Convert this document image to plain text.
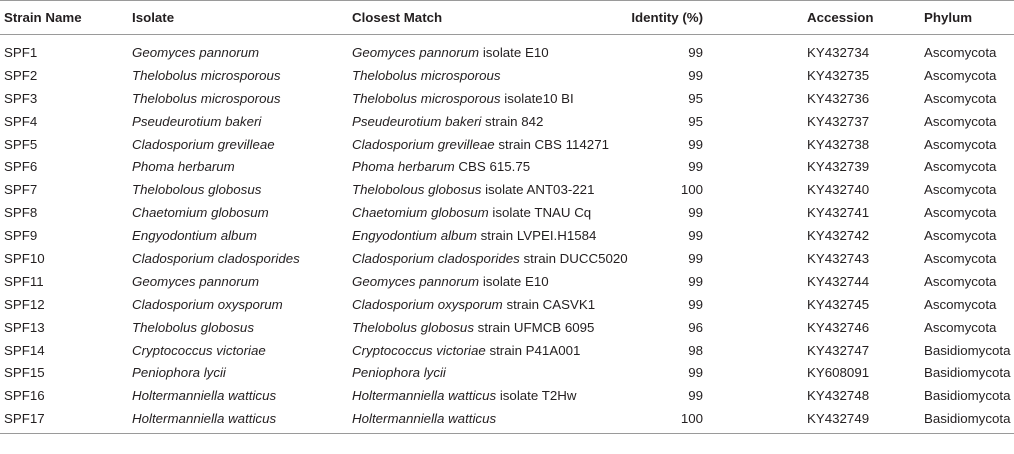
Strain Name	Isolate	Closest Match	Identity (%)	Accession	Phylum
SPF1	Geomyces pannorum	Geomyces pannorum isolate E10	99	KY432734	Ascomycota
SPF2	Thelobolus microsporous	Thelobolus microsporous	99	KY432735	Ascomycota
SPF3	Thelobolus microsporous	Thelobolus microsporous isolate10 BI	95	KY432736	Ascomycota
SPF4	Pseudeurotium bakeri	Pseudeurotium bakeri strain 842	95	KY432737	Ascomycota
SPF5	Cladosporium grevilleae	Cladosporium grevilleae strain CBS 114271	99	KY432738	Ascomycota
SPF6	Phoma herbarum	Phoma herbarum CBS 615.75	99	KY432739	Ascomycota
SPF7	Thelobolous globosus	Thelobolous globosus isolate ANT03-221	100	KY432740	Ascomycota
SPF8	Chaetomium globosum	Chaetomium globosum isolate TNAU Cq	99	KY432741	Ascomycota
SPF9	Engyodontium album	Engyodontium album strain LVPEI.H1584	99	KY432742	Ascomycota
SPF10	Cladosporium cladosporides	Cladosporium cladosporides strain DUCC5020	99	KY432743	Ascomycota
SPF11	Geomyces pannorum	Geomyces pannorum isolate E10	99	KY432744	Ascomycota
SPF12	Cladosporium oxysporum	Cladosporium oxysporum strain CASVK1	99	KY432745	Ascomycota
SPF13	Thelobolus globosus	Thelobolus globosus strain UFMCB 6095	96	KY432746	Ascomycota
SPF14	Cryptococcus victoriae	Cryptococcus victoriae strain P41A001	98	KY432747	Basidiomycota
SPF15	Peniophora lycii	Peniophora lycii	99	KY608091	Basidiomycota
SPF16	Holtermanniella watticus	Holtermanniella watticus isolate T2Hw	99	KY432748	Basidiomycota
SPF17	Holtermanniella watticus	Holtermanniella watticus	100	KY432749	Basidiomycota
